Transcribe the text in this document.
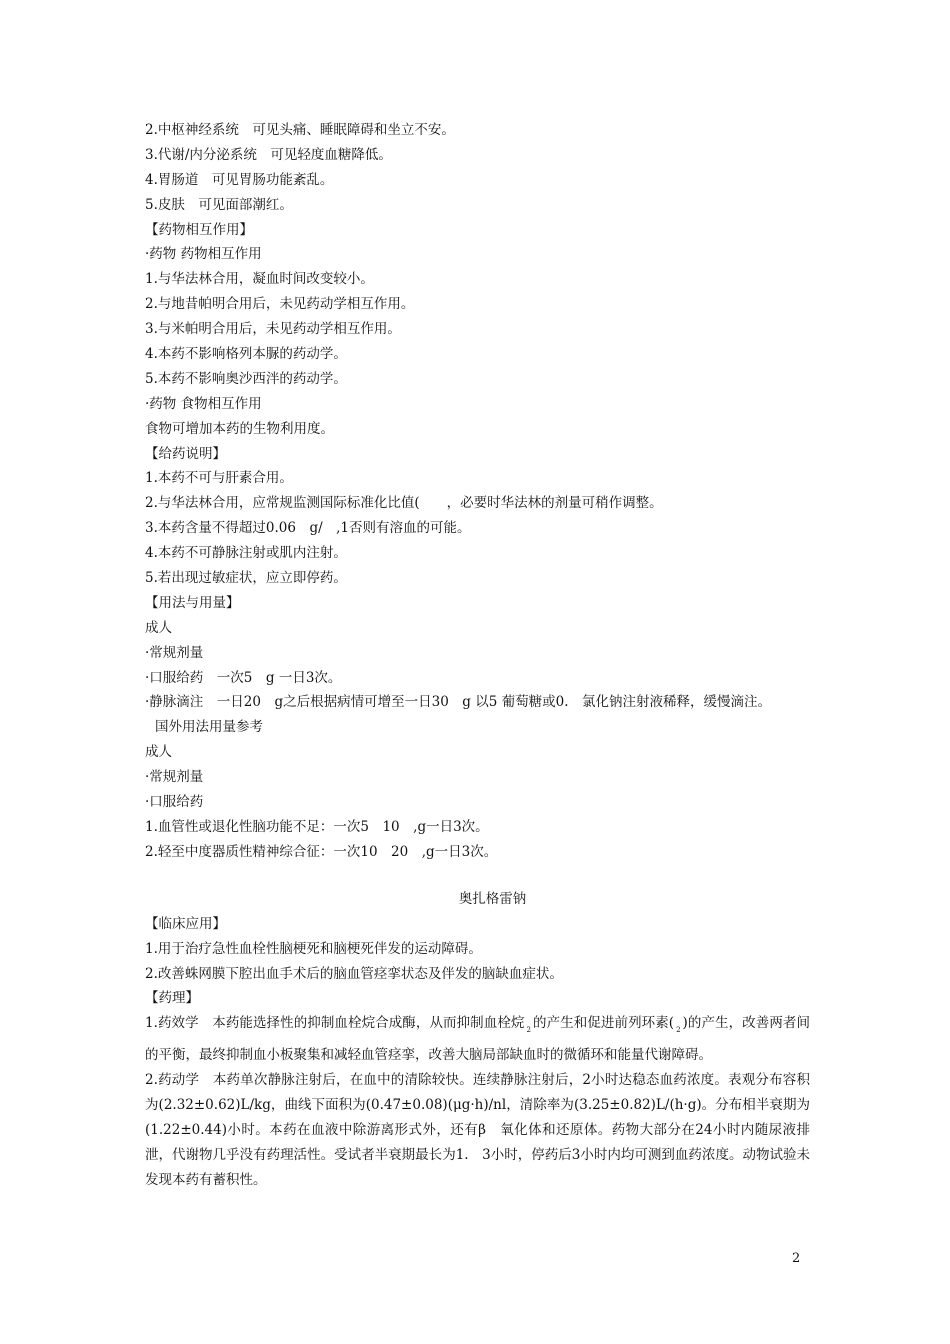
2.中枢神经系统　可见头痛、睡眠障碍和坐立不安。
3.代谢/内分泌系统　可见轻度血糖降低。
4.胃肠道　可见胃肠功能紊乱。
5.皮肤　可见面部潮红。
【药物相互作用】
·药物 药物相互作用
1.与华法林合用，凝血时间改变较小。
2.与地昔帕明合用后，未见药动学相互作用。
3.与米帕明合用后，未见药动学相互作用。
4.本药不影响格列本脲的药动学。
5.本药不影响奥沙西泮的药动学。
·药物 食物相互作用
食物可增加本药的生物利用度。
【给药说明】
1.本药不可与肝素合用。
2.与华法林合用，应常规监测国际标准化比值(　　，必要时华法林的剂量可稍作调整。
3.本药含量不得超过0.06　g/　,1否则有溶血的可能。
4.本药不可静脉注射或肌内注射。
5.若出现过敏症状，应立即停药。
【用法与用量】
成人
·常规剂量
·口服给药　一次5　g 一日3次。
·静脉滴注　一日20　g之后根据病情可增至一日30　g 以5 葡萄糖或0.　氯化钠注射液稀释，缓慢滴注。
国外用法用量参考
成人
·常规剂量
·口服给药
1.血管性或退化性脑功能不足：一次5　10　,g一日3次。
2.轻至中度器质性精神综合征：一次10　20　,g一日3次。
奥扎格雷钠
【临床应用】
1.用于治疗急性血栓性脑梗死和脑梗死伴发的运动障碍。
2.改善蛛网膜下腔出血手术后的脑血管痉挛状态及伴发的脑缺血症状。
【药理】
1.药效学　本药能选择性的抑制血栓烷合成酶，从而抑制血栓烷 $_2$ 的产生和促进前列环素( $_2$ )的产生，改善两者间的平衡，最终抑制血小板聚集和减轻血管痉挛，改善大脑局部缺血时的微循环和能量代谢障碍。
2.药动学　本药单次静脉注射后，在血中的清除较快。连续静脉注射后，2小时达稳态血药浓度。表观分布容积为(2.32±0.62)L/kg，曲线下面积为(0.47±0.08)(μg·h)/nl，清除率为(3.25±0.82)L/(h·g)。分布相半衰期为(1.22±0.44)小时。本药在血液中除游离形式外，还有β　氧化体和还原体。药物大部分在24小时内随尿液排泄，代谢物几乎没有药理活性。受试者半衰期最长为1.　3小时，停药后3小时内均可测到血药浓度。动物试验未发现本药有蓄积性。
2
